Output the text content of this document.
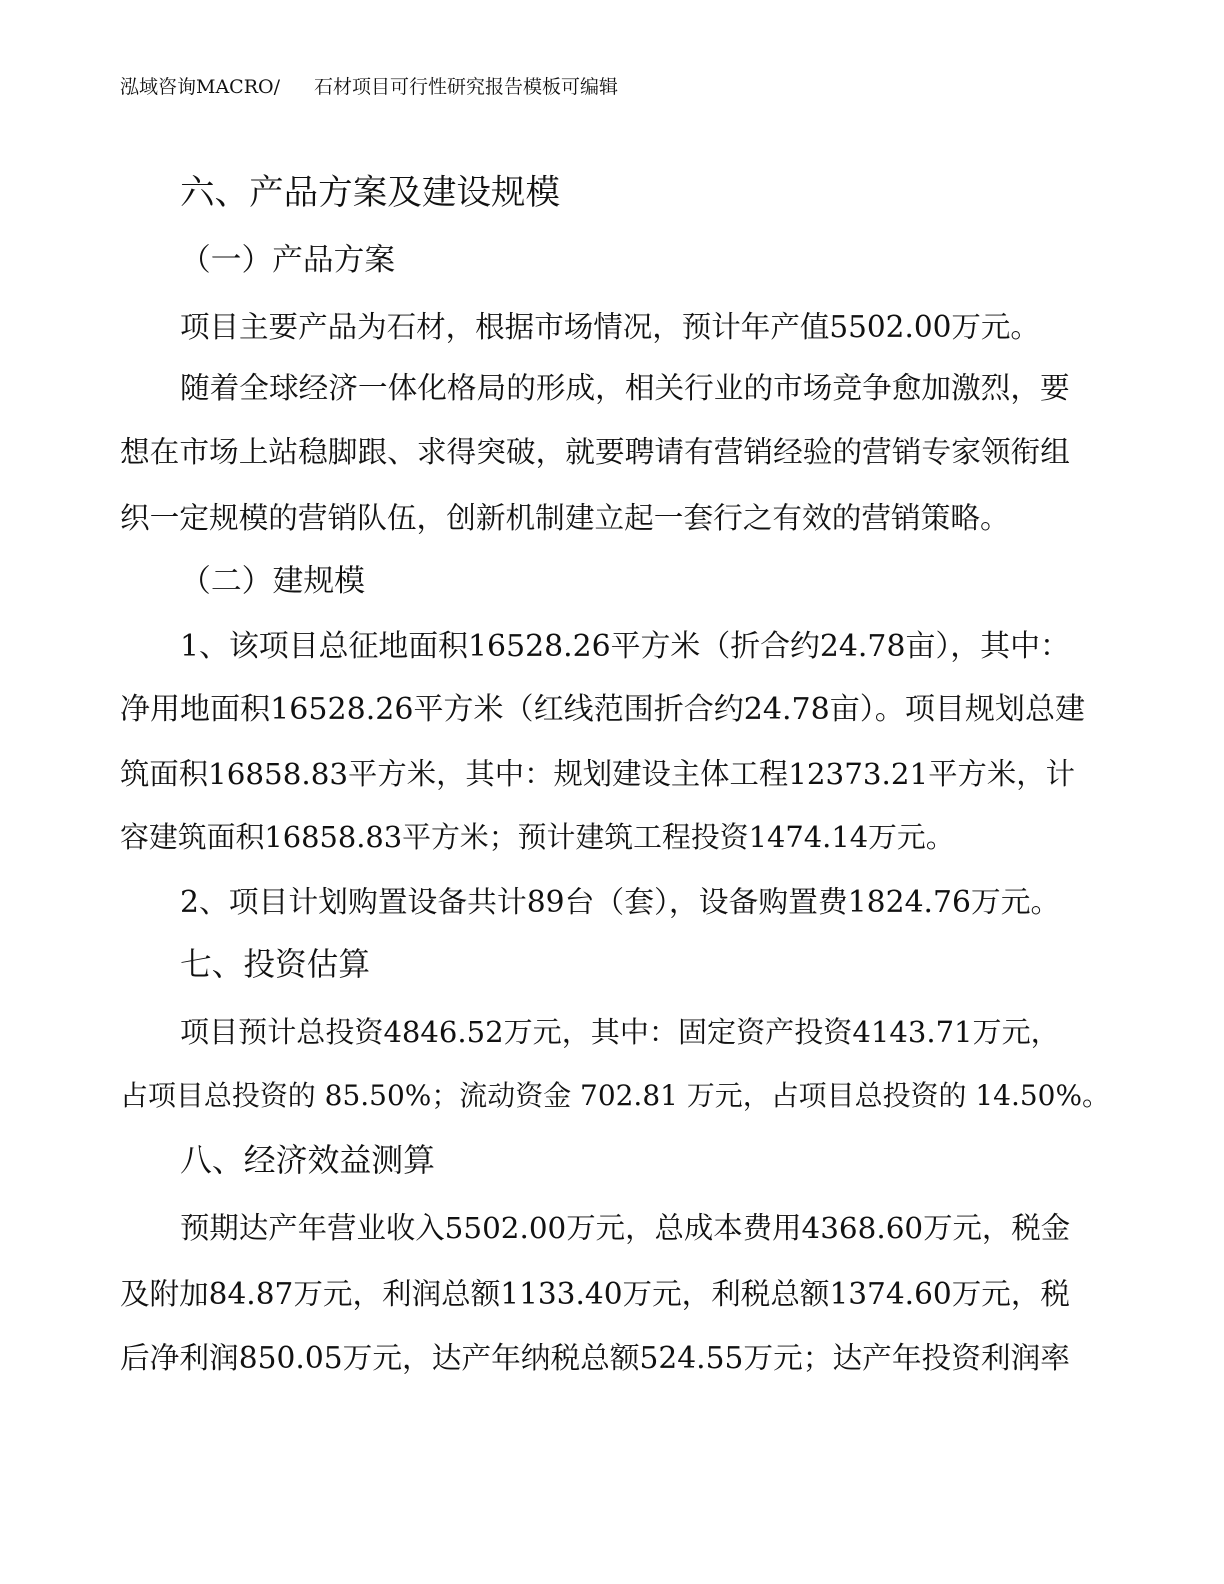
泓域咨询MACRO/ 石材项目可行性研究报告模板可编辑
六、产品方案及建设规模
（一）产品方案
项目主要产品为石材，根据市场情况，预计年产值5502.00万元。
随着全球经济一体化格局的形成，相关行业的市场竞争愈加激烈，要
想在市场上站稳脚跟、求得突破，就要聘请有营销经验的营销专家领衔组
织一定规模的营销队伍，创新机制建立起一套行之有效的营销策略。
（二）建规模
1、该项目总征地面积16528.26平方米（折合约24.78亩），其中：
净用地面积16528.26平方米（红线范围折合约24.78亩）。项目规划总建
筑面积16858.83平方米，其中：规划建设主体工程12373.21平方米，计
容建筑面积16858.83平方米；预计建筑工程投资1474.14万元。
2、项目计划购置设备共计89台（套），设备购置费1824.76万元。
七、投资估算
项目预计总投资4846.52万元，其中：固定资产投资4143.71万元，
占项目总投资的 85.50%；流动资金 702.81 万元，占项目总投资的 14.50%。
八、经济效益测算
预期达产年营业收入5502.00万元，总成本费用4368.60万元，税金
及附加84.87万元，利润总额1133.40万元，利税总额1374.60万元，税
后净利润850.05万元，达产年纳税总额524.55万元；达产年投资利润率
